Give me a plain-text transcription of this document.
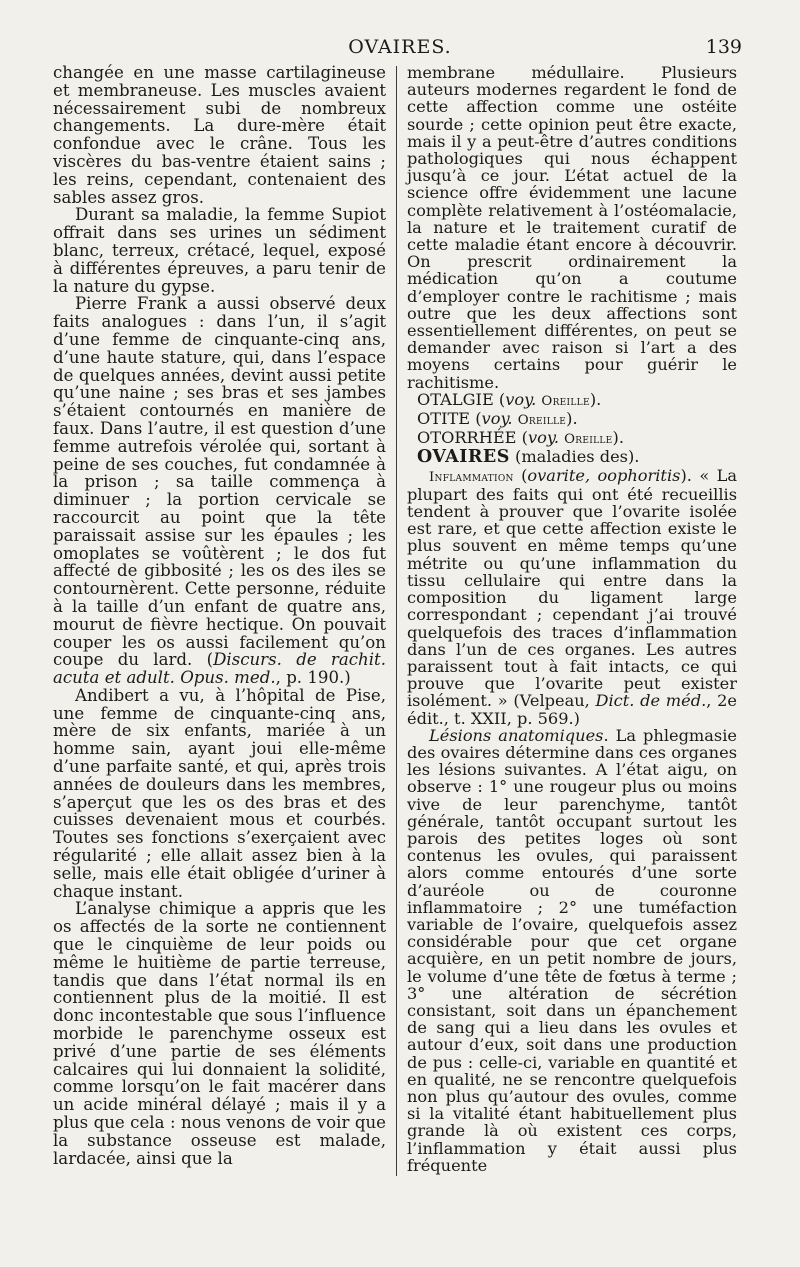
OVAIRES.	139

changée en une masse cartilagineuse et membraneuse. Les muscles avaient nécessairement subi de nombreux changements. La dure-mère était confondue avec le crâne. Tous les viscères du bas-ventre étaient sains ; les reins, cependant, contenaient des sables assez gros.

Durant sa maladie, la femme Supiot offrait dans ses urines un sédiment blanc, terreux, crétacé, lequel, exposé à différentes épreuves, a paru tenir de la nature du gypse.

Pierre Frank a aussi observé deux faits analogues : dans l’un, il s’agit d’une femme de cinquante-cinq ans, d’une haute stature, qui, dans l’espace de quelques années, devint aussi petite qu’une naine ; ses bras et ses jambes s’étaient contournés en manière de faux. Dans l’autre, il est question d’une femme autrefois vérolée qui, sortant à peine de ses couches, fut condamnée à la prison ; sa taille commença à diminuer ; la portion cervicale se raccourcit au point que la tête paraissait assise sur les épaules ; les omoplates se voûtèrent ; le dos fut affecté de gibbosité ; les os des iles se contournèrent. Cette personne, réduite à la taille d’un enfant de quatre ans, mourut de fièvre hectique. On pouvait couper les os aussi facilement qu’on coupe du lard. (Discurs. de rachit. acuta et adult. Opus. med., p. 190.)

Andibert a vu, à l’hôpital de Pise, une femme de cinquante-cinq ans, mère de six enfants, mariée à un homme sain, ayant joui elle-même d’une parfaite santé, et qui, après trois années de douleurs dans les membres, s’aperçut que les os des bras et des cuisses devenaient mous et courbés. Toutes ses fonctions s’exerçaient avec régularité ; elle allait assez bien à la selle, mais elle était obligée d’uriner à chaque instant.

L’analyse chimique a appris que les os affectés de la sorte ne contiennent que le cinquième de leur poids ou même le huitième de partie terreuse, tandis que dans l’état normal ils en contiennent plus de la moitié. Il est donc incontestable que sous l’influence morbide le parenchyme osseux est privé d’une partie de ses éléments calcaires qui lui donnaient la solidité, comme lorsqu’on le fait macérer dans un acide minéral délayé ; mais il y a plus que cela : nous venons de voir que la substance osseuse est malade, lardacée, ainsi que la

membrane médullaire. Plusieurs auteurs modernes regardent le fond de cette affection comme une ostéite sourde ; cette opinion peut être exacte, mais il y a peut-être d’autres conditions pathologiques qui nous échappent jusqu’à ce jour. L’état actuel de la science offre évidemment une lacune complète relativement à l’ostéomalacie, la nature et le traitement curatif de cette maladie étant encore à découvrir. On prescrit ordinairement la médication qu’on a coutume d’employer contre le rachitisme ; mais outre que les deux affections sont essentiellement différentes, on peut se demander avec raison si l’art a des moyens certains pour guérir le rachitisme.

OTALGIE (voy. Oreille).

OTITE (voy. Oreille).

OTORRHÉE (voy. Oreille).

OVAIRES (maladies des).

Inflammation (ovarite, oophoritis). « La plupart des faits qui ont été recueillis tendent à prouver que l’ovarite isolée est rare, et que cette affection existe le plus souvent en même temps qu’une métrite ou qu’une inflammation du tissu cellulaire qui entre dans la composition du ligament large correspondant ; cependant j’ai trouvé quelquefois des traces d’inflammation dans l’un de ces organes. Les autres paraissent tout à fait intacts, ce qui prouve que l’ovarite peut exister isolément. » (Velpeau, Dict. de méd., 2e édit., t. XXII, p. 569.)

Lésions anatomiques. La phlegmasie des ovaires détermine dans ces organes les lésions suivantes. A l’état aigu, on observe : 1° une rougeur plus ou moins vive de leur parenchyme, tantôt générale, tantôt occupant surtout les parois des petites loges où sont contenus les ovules, qui paraissent alors comme entourés d’une sorte d’auréole ou de couronne inflammatoire ; 2° une tuméfaction variable de l’ovaire, quelquefois assez considérable pour que cet organe acquière, en un petit nombre de jours, le volume d’une tête de fœtus à terme ; 3° une altération de sécrétion consistant, soit dans un épanchement de sang qui a lieu dans les ovules et autour d’eux, soit dans une production de pus : celle-ci, variable en quantité et en qualité, ne se rencontre quelquefois non plus qu’autour des ovules, comme si la vitalité étant habituellement plus grande là où existent ces corps, l’inflammation y était aussi plus fréquente
